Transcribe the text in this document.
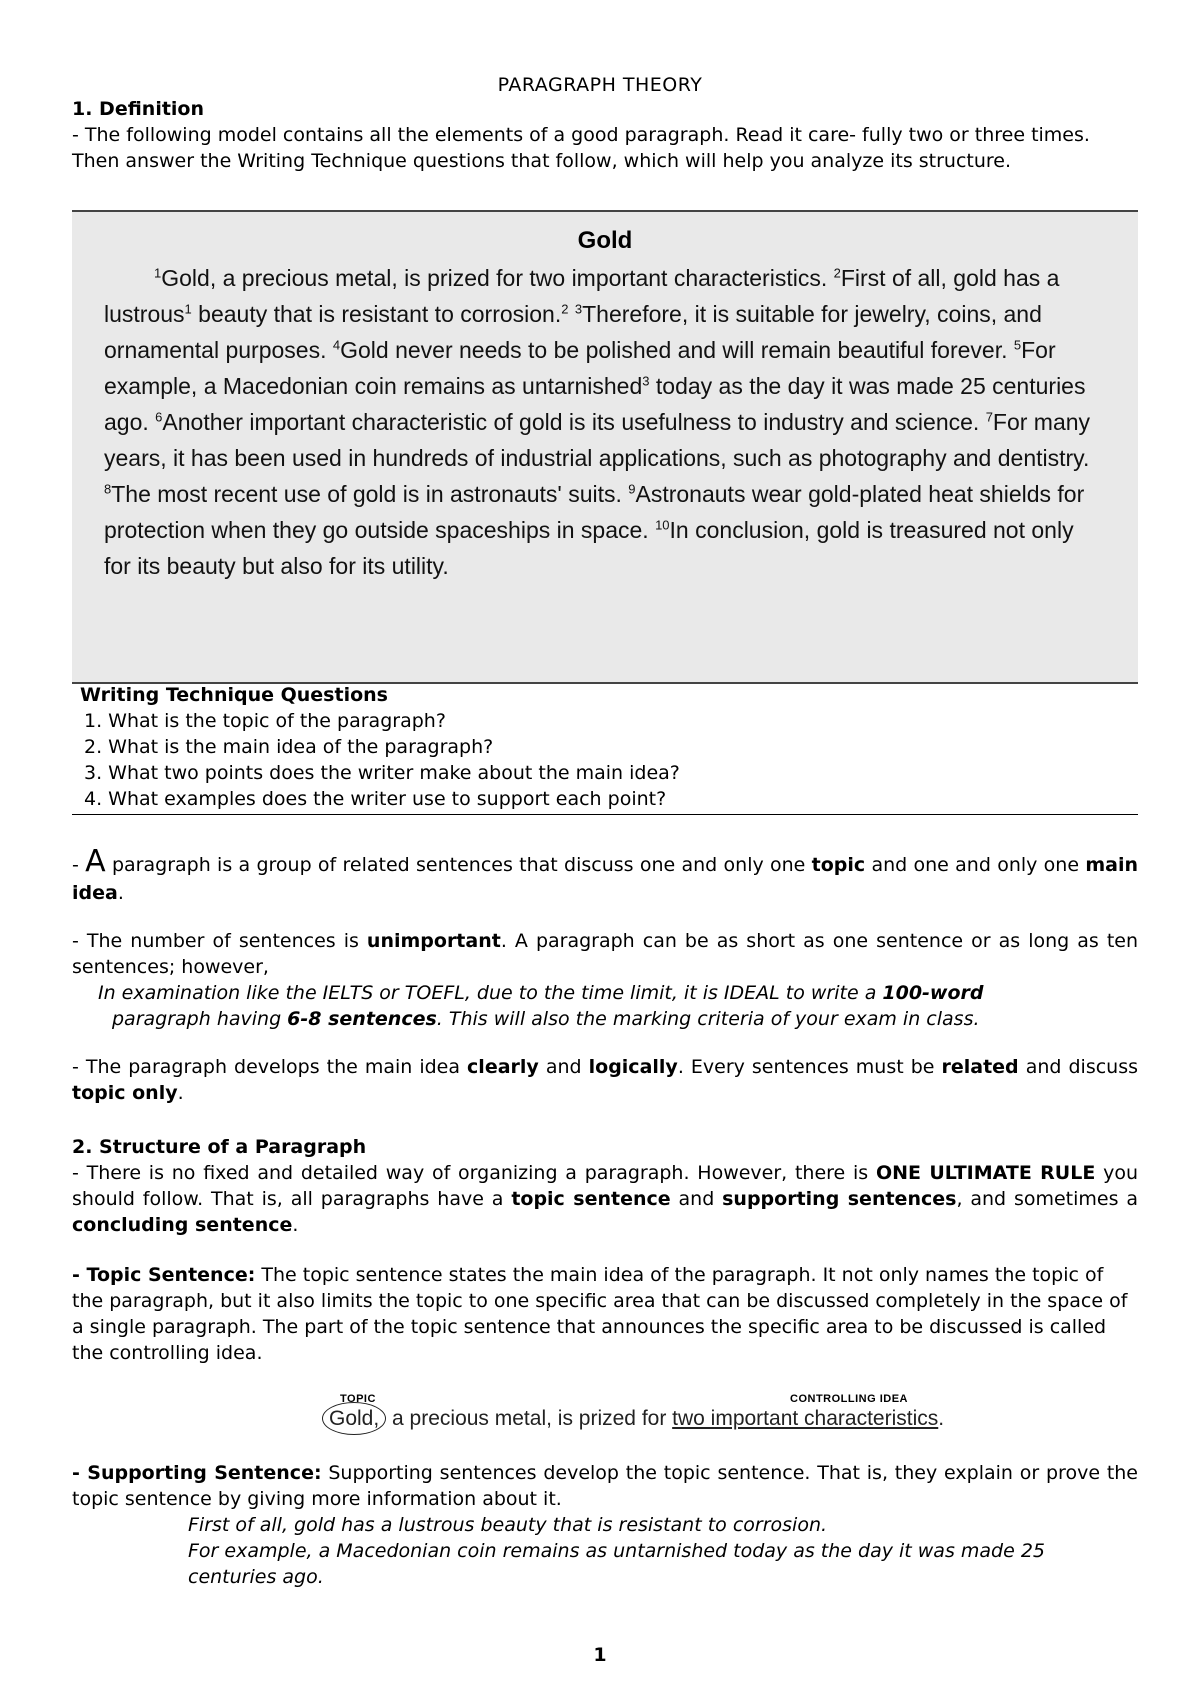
PARAGRAPH THEORY
1. Definition
- The following model contains all the elements of a good paragraph. Read it care- fully two or three times. Then answer the Writing Technique questions that follow, which will help you analyze its structure.
Gold
$^1$Gold, a precious metal, is prized for two important characteristics. $^2$First of all, gold has a lustrous$^1$ beauty that is resistant to corrosion.$^2$ $^3$Therefore, it is suitable for jewelry, coins, and ornamental purposes. $^4$Gold never needs to be polished and will remain beautiful forever. $^5$For example, a Macedonian coin remains as untarnished$^3$ today as the day it was made 25 centuries ago. $^6$Another important characteristic of gold is its usefulness to industry and science. $^7$For many years, it has been used in hundreds of industrial applications, such as photography and dentistry. $^8$The most recent use of gold is in astronauts' suits. $^9$Astronauts wear gold-plated heat shields for protection when they go outside spaceships in space. $^{10}$In conclusion, gold is treasured not only for its beauty but also for its utility.
Writing Technique Questions
1. What is the topic of the paragraph?
2. What is the main idea of the paragraph?
3. What two points does the writer make about the main idea?
4. What examples does the writer use to support each point?
- A paragraph is a group of related sentences that discuss one and only one topic and one and only one main idea.
- The number of sentences is unimportant. A paragraph can be as short as one sentence or as long as ten sentences; however,
In examination like the IELTS or TOEFL, due to the time limit, it is IDEAL to write a 100-word
paragraph having 6-8 sentences. This will also the marking criteria of your exam in class.
- The paragraph develops the main idea clearly and logically. Every sentences must be related and discuss topic only.
2. Structure of a Paragraph
- There is no fixed and detailed way of organizing a paragraph. However, there is ONE ULTIMATE RULE you should follow. That is, all paragraphs have a topic sentence and supporting sentences, and sometimes a concluding sentence.
- Topic Sentence: The topic sentence states the main idea of the paragraph. It not only names the topic of the paragraph, but it also limits the topic to one specific area that can be discussed completely in the space of a single paragraph. The part of the topic sentence that announces the specific area to be discussed is called the controlling idea.
TOPIC	CONTROLLING IDEA
Gold, a precious metal, is prized for two important characteristics.
- Supporting Sentence: Supporting sentences develop the topic sentence. That is, they explain or prove the topic sentence by giving more information about it.
First of all, gold has a lustrous beauty that is resistant to corrosion.
For example, a Macedonian coin remains as untarnished today as the day it was made 25 centuries ago.
1
